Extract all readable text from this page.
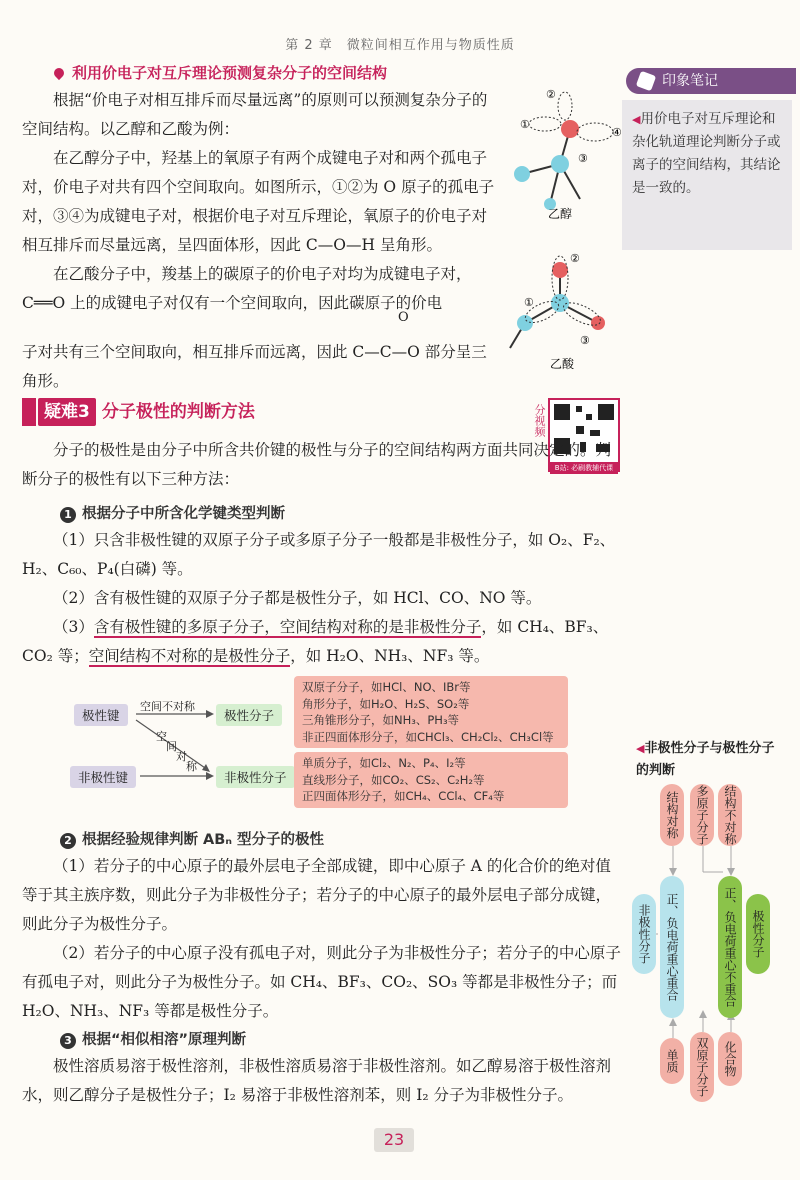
第 2 章　微粒间相互作用与物质性质
利用价电子对互斥理论预测复杂分子的空间结构

根据“价电子对相互排斥而尽量远离”的原则可以预测复杂分子的空间结构。以乙醇和乙酸为例：

在乙醇分子中，羟基上的氧原子有两个成键电子对和两个孤电子对，价电子对共有四个空间取向。如图所示，①②为 O 原子的孤电子对，③④为成键电子对，根据价电子对互斥理论，氧原子的价电子对相互排斥而尽量远离，呈四面体形，因此 C—O—H 呈角形。

在乙酸分子中，羧基上的碳原子的价电子对均为成键电子对，C══O 上的成键电子对仅有一个空间取向，因此碳原子的价电

O

子对共有三个空间取向，相互排斥而远离，因此 C—C—O 部分呈三角形。

①
②
③
④
乙醇
②
①
③
乙酸
印象笔记
◀用价电子对互斥理论和杂化轨道理论判断分子或离子的空间结构，其结论是一致的。
疑难3 分子极性的判断方法	分视频
B站: 必刷教辅代课

分子的极性是由分子中所含共价键的极性与分子的空间结构两方面共同决定的。判断分子的极性有以下三种方法：

1 根据分子中所含化学键类型判断

（1）只含非极性键的双原子分子或多原子分子一般都是非极性分子，如 O₂、F₂、H₂、C₆₀、P₄(白磷) 等。

（2）含有极性键的双原子分子都是极性分子，如 HCl、CO、NO 等。

（3）含有极性键的多原子分子，空间结构对称的是非极性分子，如 CH₄、BF₃、CO₂ 等；空间结构不对称的是极性分子，如 H₂O、NH₃、NF₃ 等。

极性键
非极性键
空间不对称
空
间
对
称
极性分子
非极性分子
双原子分子，如HCl、NO、IBr等
角形分子，如H₂O、H₂S、SO₂等
三角锥形分子，如NH₃、PH₃等
非正四面体形分子，如CHCl₃、CH₂Cl₂、CH₃Cl等
单质分子，如Cl₂、N₂、P₄、I₂等
直线形分子，如CO₂、CS₂、C₂H₂等
正四面体形分子，如CH₄、CCl₄、CF₄等
◀非极性分子与极性分子的判断
结构对称	多原子分子	结构不对称
非极性分子	正、负电荷重心重合	正、负电荷重心不重合	极性分子
单质	双原子分子	化合物
2 根据经验规律判断 ABₙ 型分子的极性

（1）若分子的中心原子的最外层电子全部成键，即中心原子 A 的化合价的绝对值等于其主族序数，则此分子为非极性分子；若分子的中心原子的最外层电子部分成键，则此分子为极性分子。

（2）若分子的中心原子没有孤电子对，则此分子为非极性分子；若分子的中心原子有孤电子对，则此分子为极性分子。如 CH₄、BF₃、CO₂、SO₃ 等都是非极性分子；而 H₂O、NH₃、NF₃ 等都是极性分子。

3 根据“相似相溶”原理判断

极性溶质易溶于极性溶剂，非极性溶质易溶于非极性溶剂。如乙醇易溶于极性溶剂水，则乙醇分子是极性分子；I₂ 易溶于非极性溶剂苯，则 I₂ 分子为非极性分子。

23
